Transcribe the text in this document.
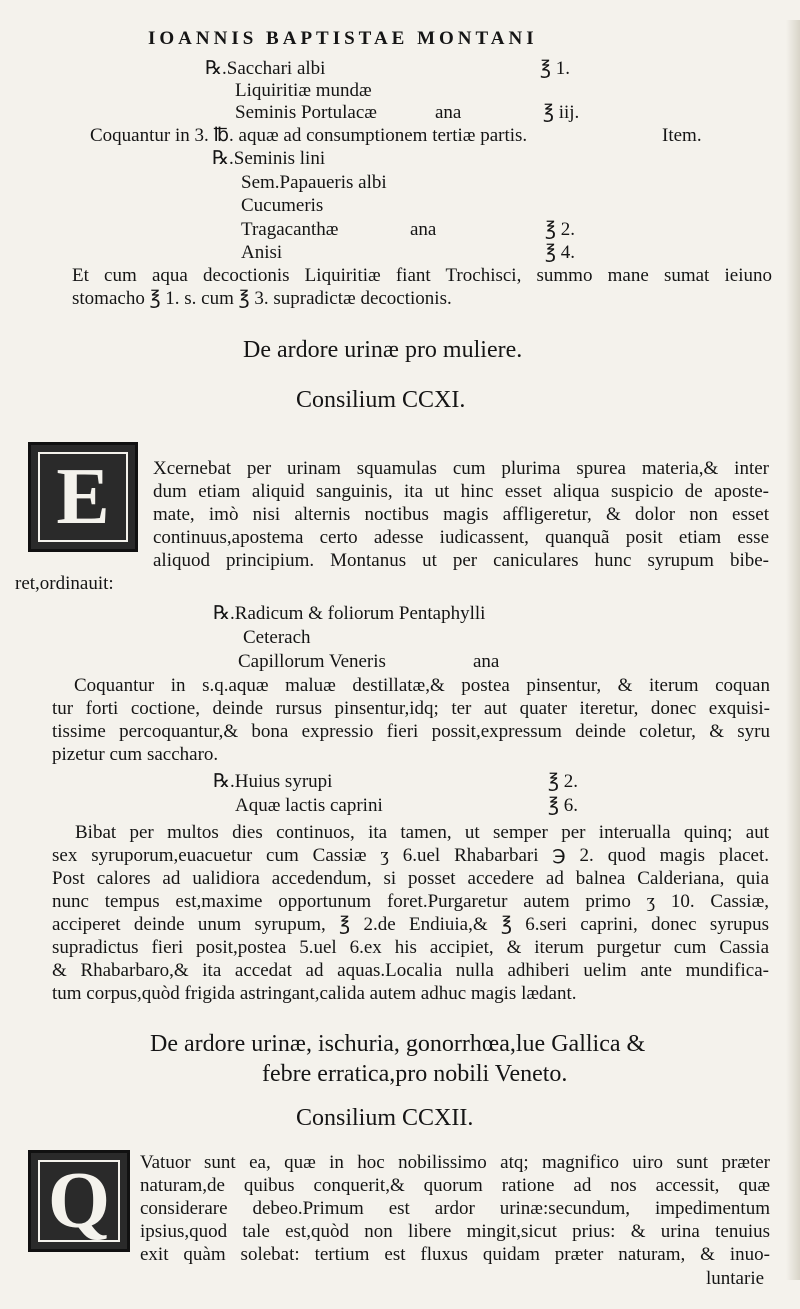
IOANNIS BAPTISTAE MONTANI
℞.Sacchari albi	℥ 1.
Liquiritiæ mundæ
Seminis Portulacæ	ana	℥ iij.
Coquantur in 3. ℔. aquæ ad consumptionem tertiæ partis.	Item.
℞.Seminis lini
Sem.Papaueris albi
Cucumeris
Tragacanthæ	ana	℥ 2.
Anisi	℥ 4.
Et cum aqua decoctionis Liquiritiæ fiant Trochisci, summo mane sumat ieiuno
stomacho ℥ 1. s. cum ℥ 3. supradictæ decoctionis.
De ardore urinæ pro muliere.
Consilium CCXI.
E Xcernebat per urinam squamulas cum plurima spurea materia,& inter
dum etiam aliquid sanguinis, ita ut hinc esset aliqua suspicio de aposte-
mate, imò nisi alternis noctibus magis affligeretur, & dolor non esset
continuus,apostema certo adesse iudicassent, quanquã posit etiam esse
aliquod principium. Montanus ut per caniculares hunc syrupum bibe-
ret,ordinauit:
℞.Radicum & foliorum Pentaphylli
Ceterach
Capillorum Veneris	ana
Coquantur in s.q.aquæ maluæ destillatæ,& postea pinsentur, & iterum coquan
tur forti coctione, deinde rursus pinsentur,idq; ter aut quater iteretur, donec exquisi-
tissime percoquantur,& bona expressio fieri possit,expressum deinde coletur, & syru
pizetur cum saccharo.
℞.Huius syrupi	℥ 2.
Aquæ lactis caprini	℥ 6.
Bibat per multos dies continuos, ita tamen, ut semper per interualla quinq; aut
sex syruporum,euacuetur cum Cassiæ ʒ 6.uel Rhabarbari ℈ 2. quod magis placet.
Post calores ad ualidiora accedendum, si posset accedere ad balnea Calderiana, quia
nunc tempus est,maxime opportunum foret.Purgaretur autem primo ʒ 10. Cassiæ,
acciperet deinde unum syrupum, ℥ 2.de Endiuia,& ℥ 6.seri caprini, donec syrupus
supradictus fieri posit,postea 5.uel 6.ex his accipiet, & iterum purgetur cum Cassia
& Rhabarbaro,& ita accedat ad aquas.Localia nulla adhiberi uelim ante mundifica-
tum corpus,quòd frigida astringant,calida autem adhuc magis lædant.
De ardore urinæ, ischuria, gonorrhœa,lue Gallica &
febre erratica,pro nobili Veneto.
Consilium CCXII.
Q Vatuor sunt ea, quæ in hoc nobilissimo atq; magnifico uiro sunt præter
naturam,de quibus conquerit,& quorum ratione ad nos accessit, quæ
considerare debeo.Primum est ardor urinæ:secundum, impedimentum
ipsius,quod tale est,quòd non libere mingit,sicut prius: & urina tenuius
exit quàm solebat: tertium est fluxus quidam præter naturam, & inuo-
luntarie
